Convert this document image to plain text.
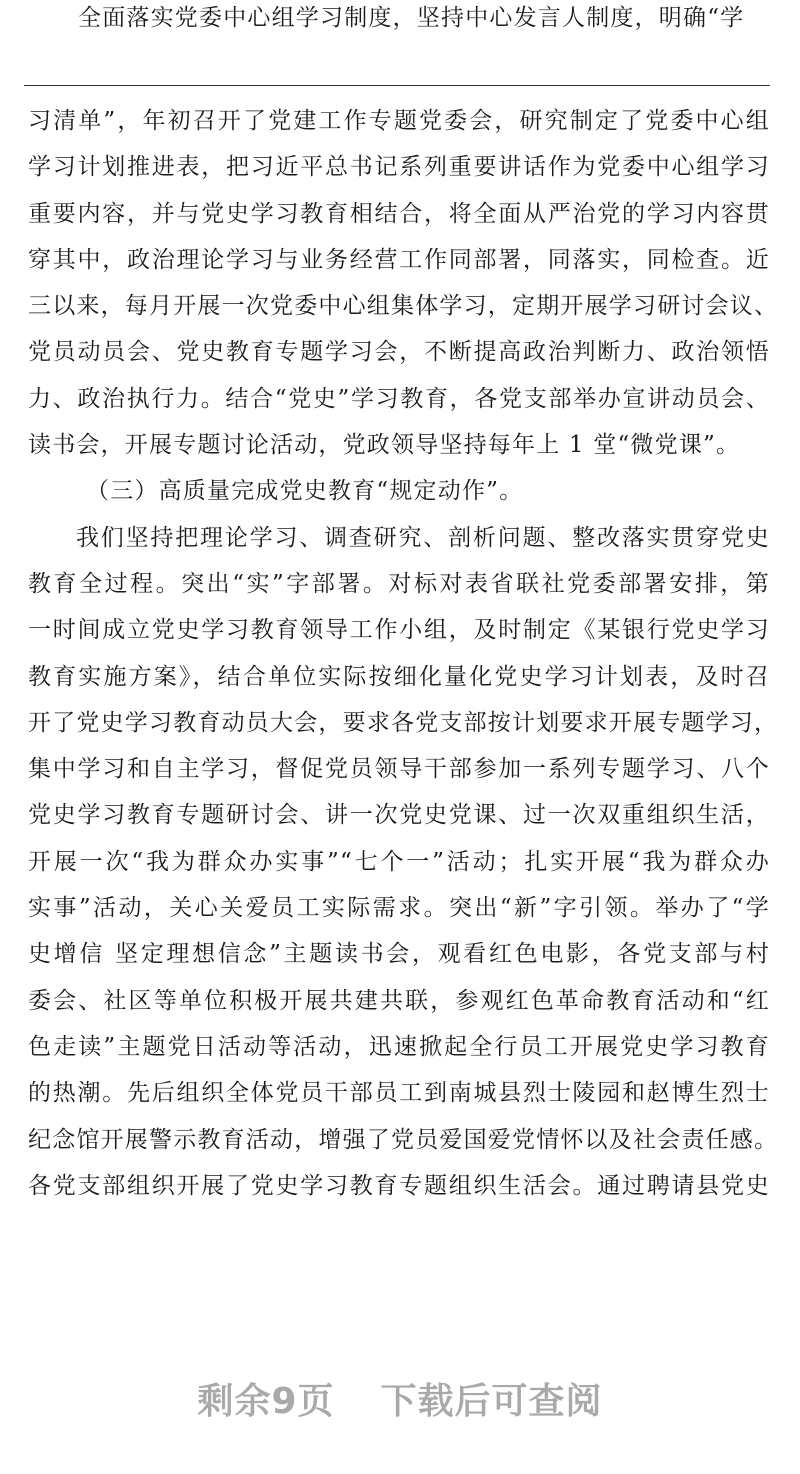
全面落实党委中心组学习制度，坚持中心发言人制度，明确“学
习清单”，年初召开了党建工作专题党委会，研究制定了党委中心组
学习计划推进表，把习近平总书记系列重要讲话作为党委中心组学习
重要内容，并与党史学习教育相结合，将全面从严治党的学习内容贯
穿其中，政治理论学习与业务经营工作同部署，同落实，同检查。近
三以来，每月开展一次党委中心组集体学习，定期开展学习研讨会议、
党员动员会、党史教育专题学习会，不断提高政治判断力、政治领悟
力、政治执行力。结合“党史”学习教育，各党支部举办宣讲动员会、
读书会，开展专题讨论活动，党政领导坚持每年上 1 堂“微党课”。
（三）高质量完成党史教育“规定动作”。
我们坚持把理论学习、调查研究、剖析问题、整改落实贯穿党史
教育全过程。突出“实”字部署。对标对表省联社党委部署安排，第
一时间成立党史学习教育领导工作小组，及时制定《某银行党史学习
教育实施方案》，结合单位实际按细化量化党史学习计划表，及时召
开了党史学习教育动员大会，要求各党支部按计划要求开展专题学习，
集中学习和自主学习，督促党员领导干部参加一系列专题学习、八个
党史学习教育专题研讨会、讲一次党史党课、过一次双重组织生活，
开展一次“我为群众办实事”“七个一”活动；扎实开展“我为群众办
实事”活动，关心关爱员工实际需求。突出“新”字引领。举办了“学
史增信 坚定理想信念”主题读书会，观看红色电影，各党支部与村
委会、社区等单位积极开展共建共联，参观红色革命教育活动和“红
色走读”主题党日活动等活动，迅速掀起全行员工开展党史学习教育
的热潮。先后组织全体党员干部员工到南城县烈士陵园和赵博生烈士
纪念馆开展警示教育活动，增强了党员爱国爱党情怀以及社会责任感。
各党支部组织开展了党史学习教育专题组织生活会。通过聘请县党史
剩余9页 下载后可查阅
